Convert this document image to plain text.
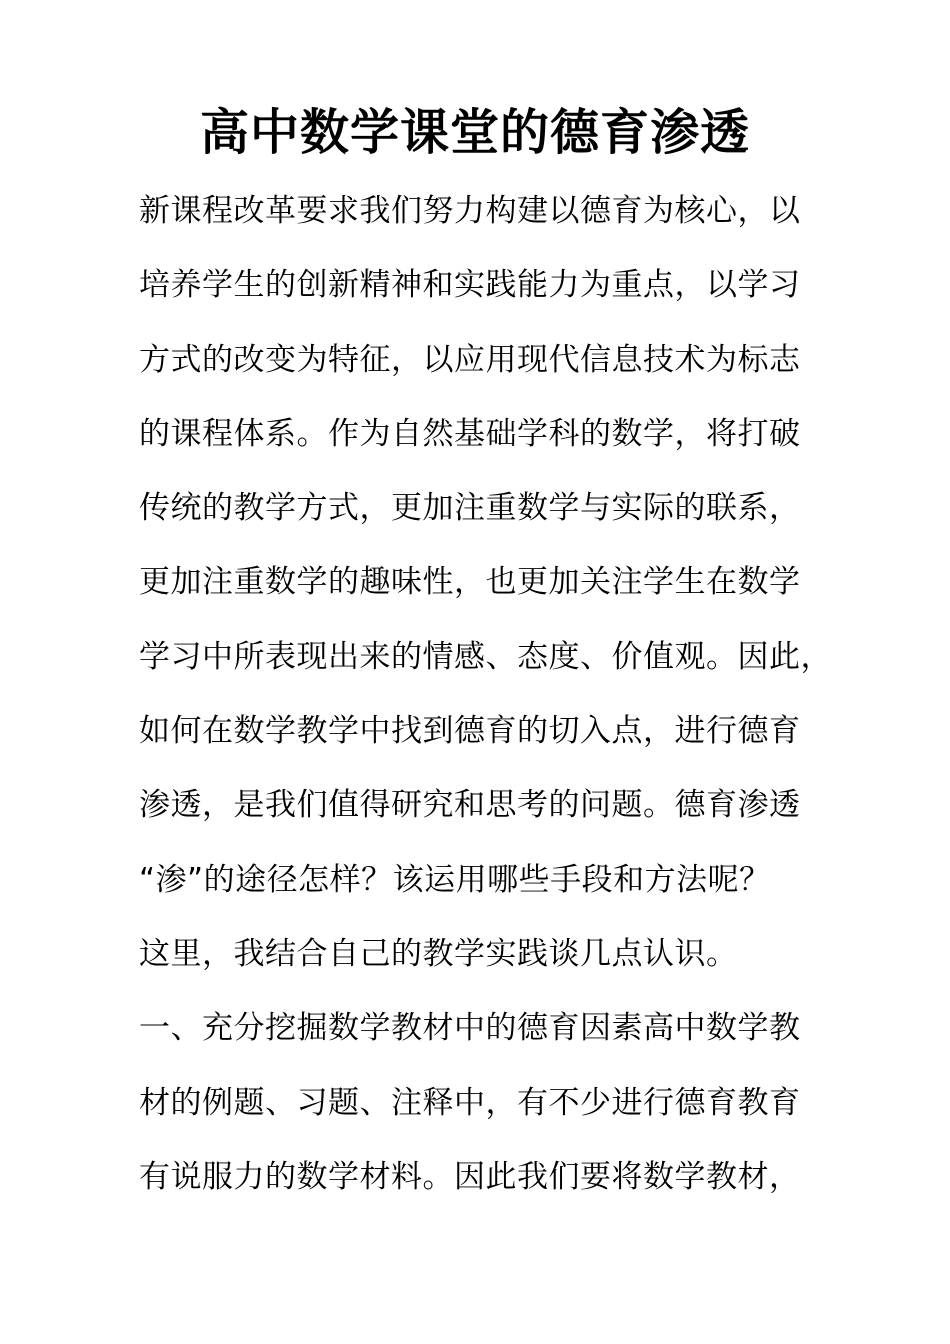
高中数学课堂的德育渗透
新课程改革要求我们努力构建以德育为核心，以
培养学生的创新精神和实践能力为重点，以学习
方式的改变为特征，以应用现代信息技术为标志
的课程体系。作为自然基础学科的数学，将打破
传统的教学方式，更加注重数学与实际的联系，
更加注重数学的趣味性，也更加关注学生在数学
学习中所表现出来的情感、态度、价值观。因此，
如何在数学教学中找到德育的切入点，进行德育
渗透，是我们值得研究和思考的问题。德育渗透
“渗”的途径怎样？该运用哪些手段和方法呢？
这里，我结合自己的教学实践谈几点认识。
一、充分挖掘数学教材中的德育因素高中数学教
材的例题、习题、注释中，有不少进行德育教育
有说服力的数学材料。因此我们要将数学教材，
